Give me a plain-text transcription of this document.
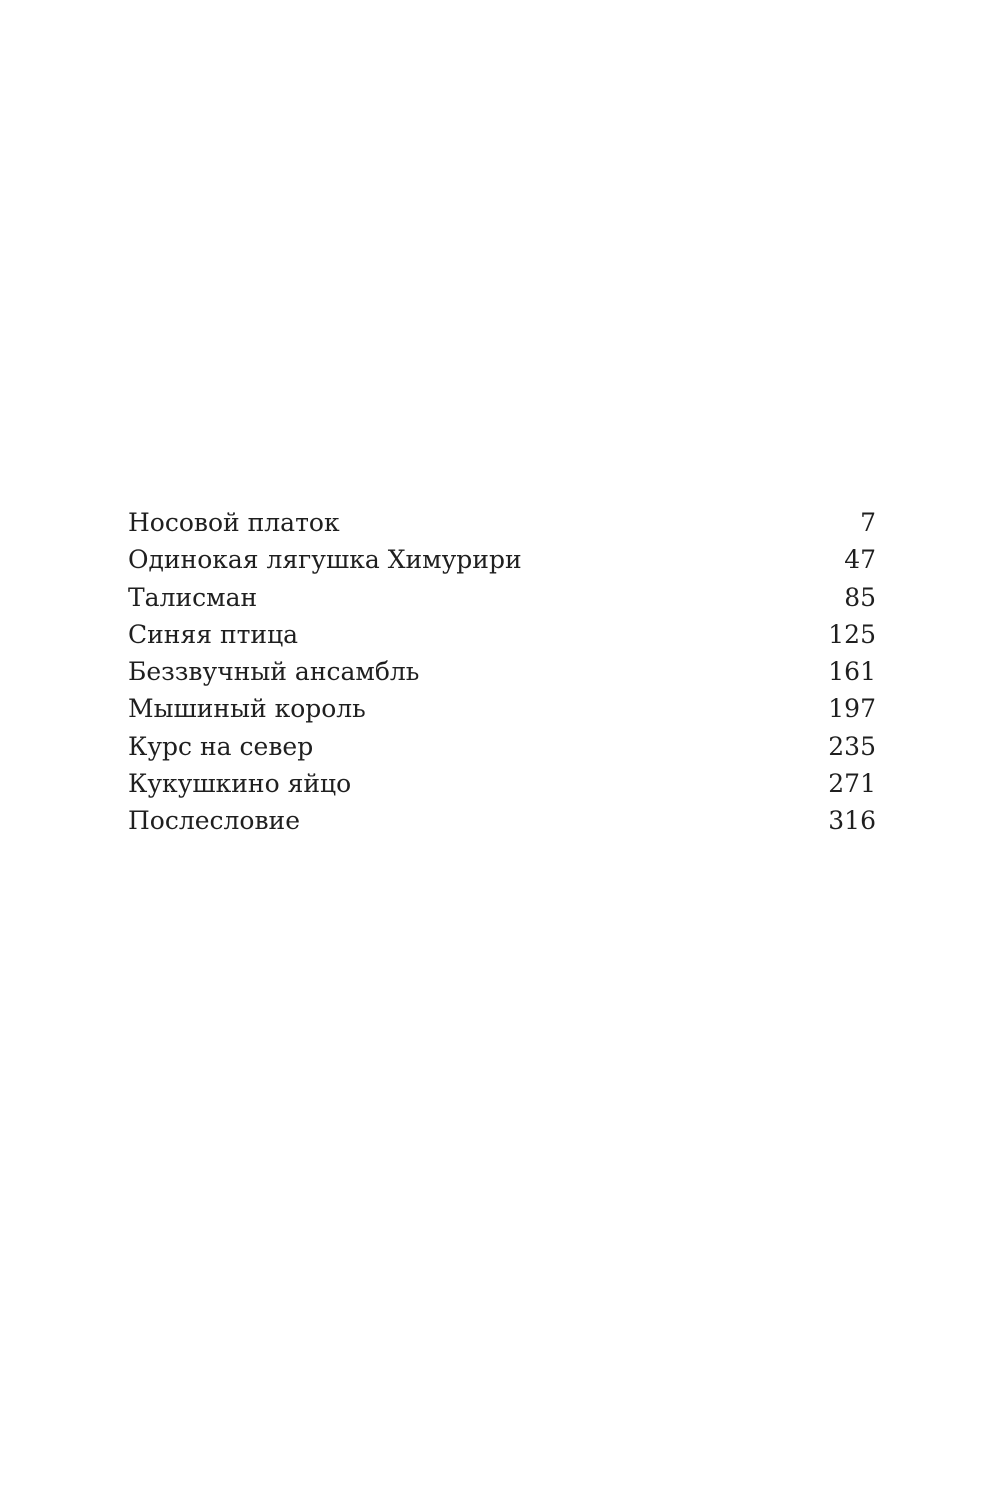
Носовой платок	7
Одинокая лягушка Химурири	47
Талисман	85
Синяя птица	125
Беззвучный ансамбль	161
Мышиный король	197
Курс на север	235
Кукушкино яйцо	271
Послесловие	316
